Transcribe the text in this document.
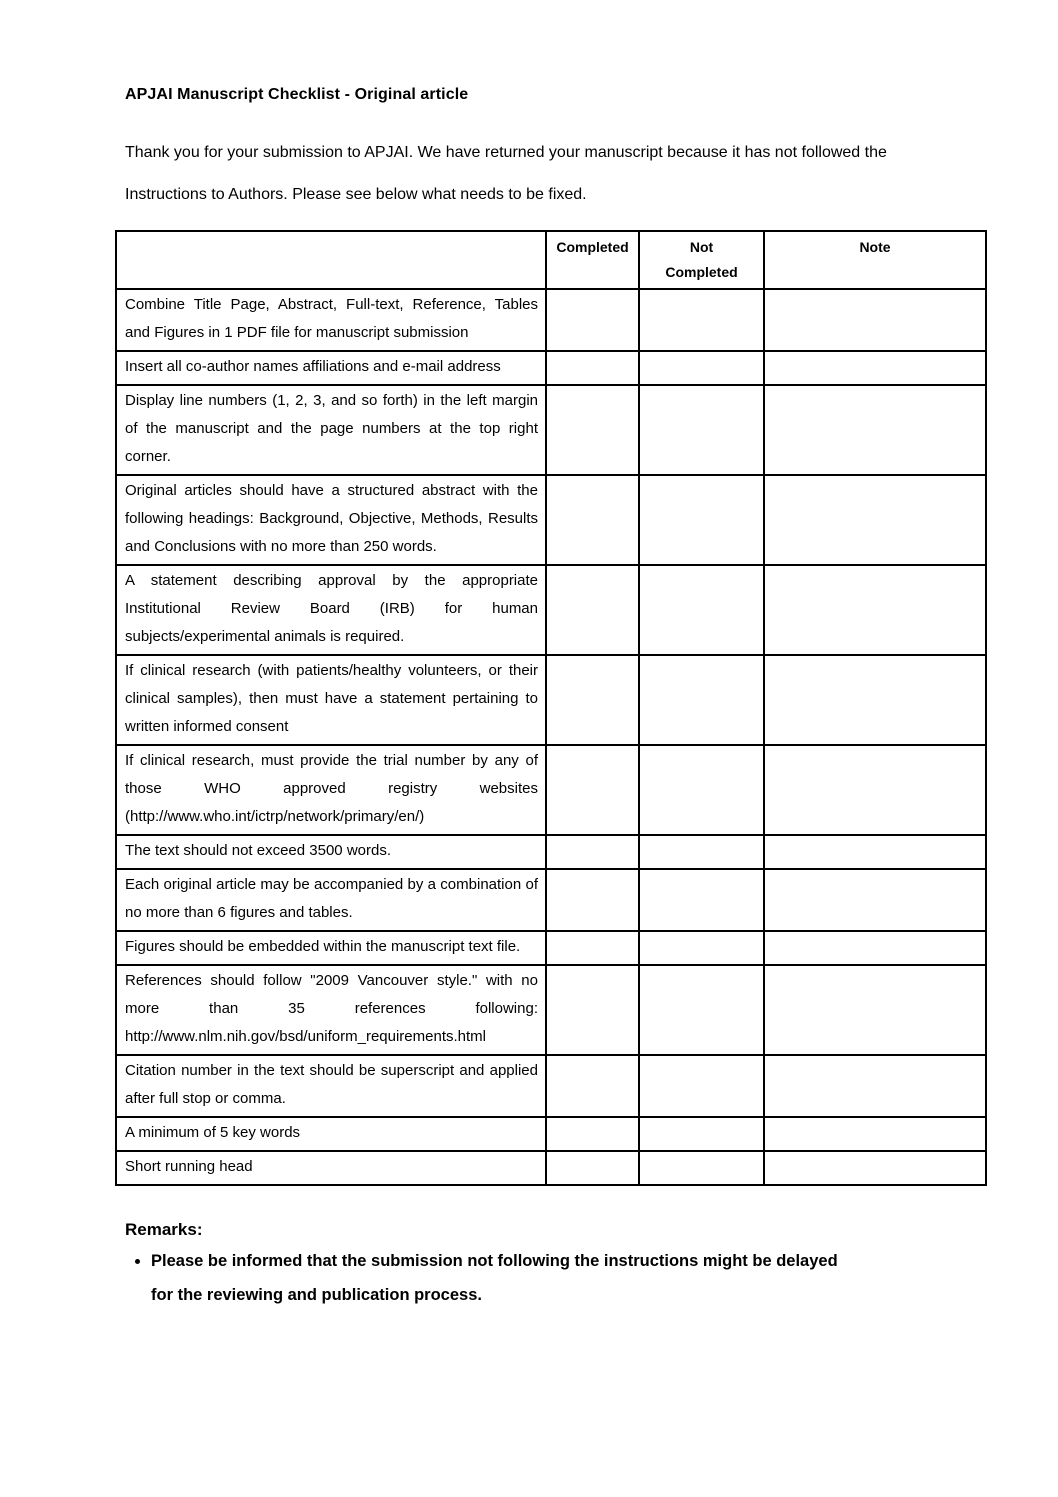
APJAI Manuscript Checklist - Original article

Thank you for your submission to APJAI. We have returned your manuscript because it has not followed the Instructions to Authors. Please see below what needs to be fixed.

	Completed	Not Completed	Note
Combine Title Page, Abstract, Full-text, Reference, Tables and Figures in 1 PDF file for manuscript submission			
Insert all co-author names affiliations and e-mail address			
Display line numbers (1, 2, 3, and so forth) in the left margin of the manuscript and the page numbers at the top right corner.			
Original articles should have a structured abstract with the following headings: Background, Objective, Methods, Results and Conclusions with no more than 250 words.			
A statement describing approval by the appropriate Institutional Review Board (IRB) for human subjects/experimental animals is required.			
If clinical research (with patients/healthy volunteers, or their clinical samples), then must have a statement pertaining to written informed consent			
If clinical research, must provide the trial number by any of those WHO approved registry websites (http://www.who.int/ictrp/network/primary/en/)			
The text should not exceed 3500 words.			
Each original article may be accompanied by a combination of no more than 6 figures and tables.			
Figures should be embedded within the manuscript text file.			
References should follow "2009 Vancouver style." with no more than 35 references following: http://www.nlm.nih.gov/bsd/uniform_requirements.html			
Citation number in the text should be superscript and applied after full stop or comma.			
A minimum of 5 key words			
Short running head			
Remarks:
• Please be informed that the submission not following the instructions might be delayed for the reviewing and publication process.
